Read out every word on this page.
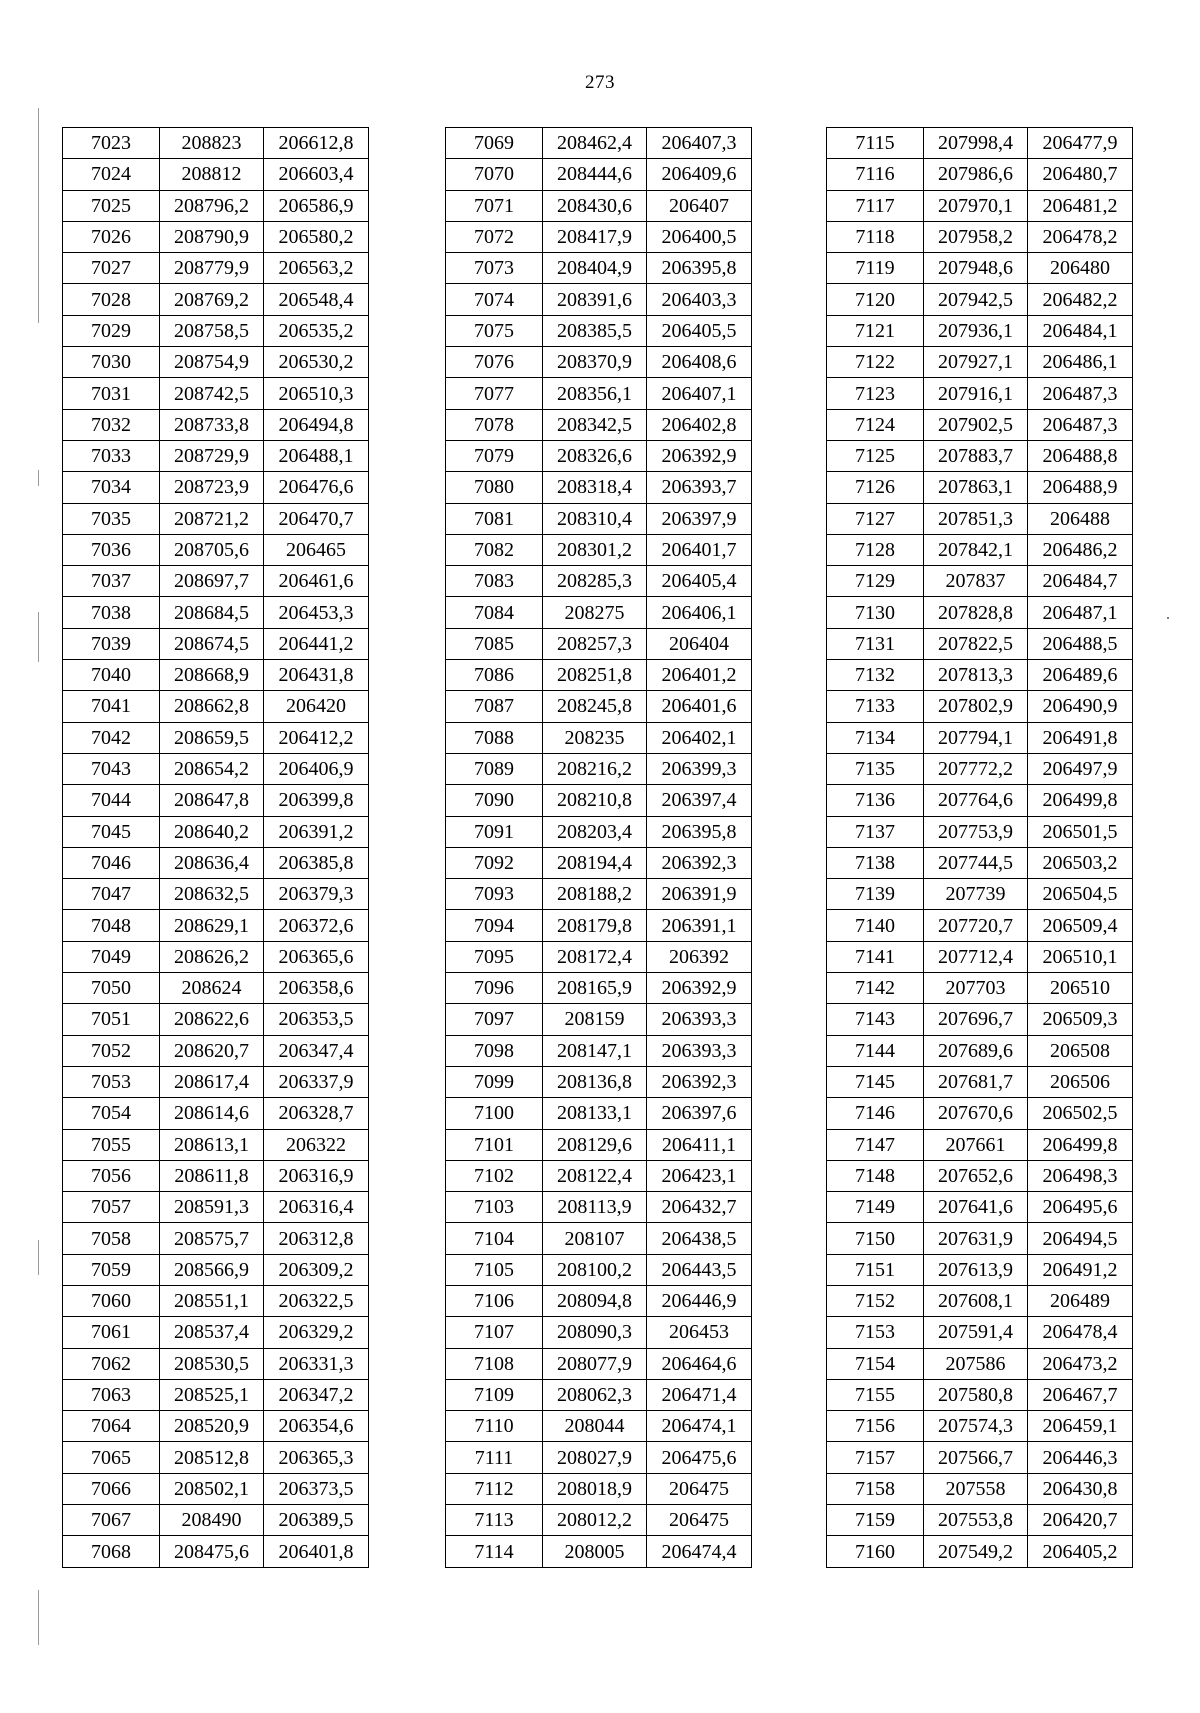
273
7023	208823	206612,8
7024	208812	206603,4
7025	208796,2	206586,9
7026	208790,9	206580,2
7027	208779,9	206563,2
7028	208769,2	206548,4
7029	208758,5	206535,2
7030	208754,9	206530,2
7031	208742,5	206510,3
7032	208733,8	206494,8
7033	208729,9	206488,1
7034	208723,9	206476,6
7035	208721,2	206470,7
7036	208705,6	206465
7037	208697,7	206461,6
7038	208684,5	206453,3
7039	208674,5	206441,2
7040	208668,9	206431,8
7041	208662,8	206420
7042	208659,5	206412,2
7043	208654,2	206406,9
7044	208647,8	206399,8
7045	208640,2	206391,2
7046	208636,4	206385,8
7047	208632,5	206379,3
7048	208629,1	206372,6
7049	208626,2	206365,6
7050	208624	206358,6
7051	208622,6	206353,5
7052	208620,7	206347,4
7053	208617,4	206337,9
7054	208614,6	206328,7
7055	208613,1	206322
7056	208611,8	206316,9
7057	208591,3	206316,4
7058	208575,7	206312,8
7059	208566,9	206309,2
7060	208551,1	206322,5
7061	208537,4	206329,2
7062	208530,5	206331,3
7063	208525,1	206347,2
7064	208520,9	206354,6
7065	208512,8	206365,3
7066	208502,1	206373,5
7067	208490	206389,5
7068	208475,6	206401,8
7069	208462,4	206407,3
7070	208444,6	206409,6
7071	208430,6	206407
7072	208417,9	206400,5
7073	208404,9	206395,8
7074	208391,6	206403,3
7075	208385,5	206405,5
7076	208370,9	206408,6
7077	208356,1	206407,1
7078	208342,5	206402,8
7079	208326,6	206392,9
7080	208318,4	206393,7
7081	208310,4	206397,9
7082	208301,2	206401,7
7083	208285,3	206405,4
7084	208275	206406,1
7085	208257,3	206404
7086	208251,8	206401,2
7087	208245,8	206401,6
7088	208235	206402,1
7089	208216,2	206399,3
7090	208210,8	206397,4
7091	208203,4	206395,8
7092	208194,4	206392,3
7093	208188,2	206391,9
7094	208179,8	206391,1
7095	208172,4	206392
7096	208165,9	206392,9
7097	208159	206393,3
7098	208147,1	206393,3
7099	208136,8	206392,3
7100	208133,1	206397,6
7101	208129,6	206411,1
7102	208122,4	206423,1
7103	208113,9	206432,7
7104	208107	206438,5
7105	208100,2	206443,5
7106	208094,8	206446,9
7107	208090,3	206453
7108	208077,9	206464,6
7109	208062,3	206471,4
7110	208044	206474,1
7111	208027,9	206475,6
7112	208018,9	206475
7113	208012,2	206475
7114	208005	206474,4
7115	207998,4	206477,9
7116	207986,6	206480,7
7117	207970,1	206481,2
7118	207958,2	206478,2
7119	207948,6	206480
7120	207942,5	206482,2
7121	207936,1	206484,1
7122	207927,1	206486,1
7123	207916,1	206487,3
7124	207902,5	206487,3
7125	207883,7	206488,8
7126	207863,1	206488,9
7127	207851,3	206488
7128	207842,1	206486,2
7129	207837	206484,7
7130	207828,8	206487,1
7131	207822,5	206488,5
7132	207813,3	206489,6
7133	207802,9	206490,9
7134	207794,1	206491,8
7135	207772,2	206497,9
7136	207764,6	206499,8
7137	207753,9	206501,5
7138	207744,5	206503,2
7139	207739	206504,5
7140	207720,7	206509,4
7141	207712,4	206510,1
7142	207703	206510
7143	207696,7	206509,3
7144	207689,6	206508
7145	207681,7	206506
7146	207670,6	206502,5
7147	207661	206499,8
7148	207652,6	206498,3
7149	207641,6	206495,6
7150	207631,9	206494,5
7151	207613,9	206491,2
7152	207608,1	206489
7153	207591,4	206478,4
7154	207586	206473,2
7155	207580,8	206467,7
7156	207574,3	206459,1
7157	207566,7	206446,3
7158	207558	206430,8
7159	207553,8	206420,7
7160	207549,2	206405,2
